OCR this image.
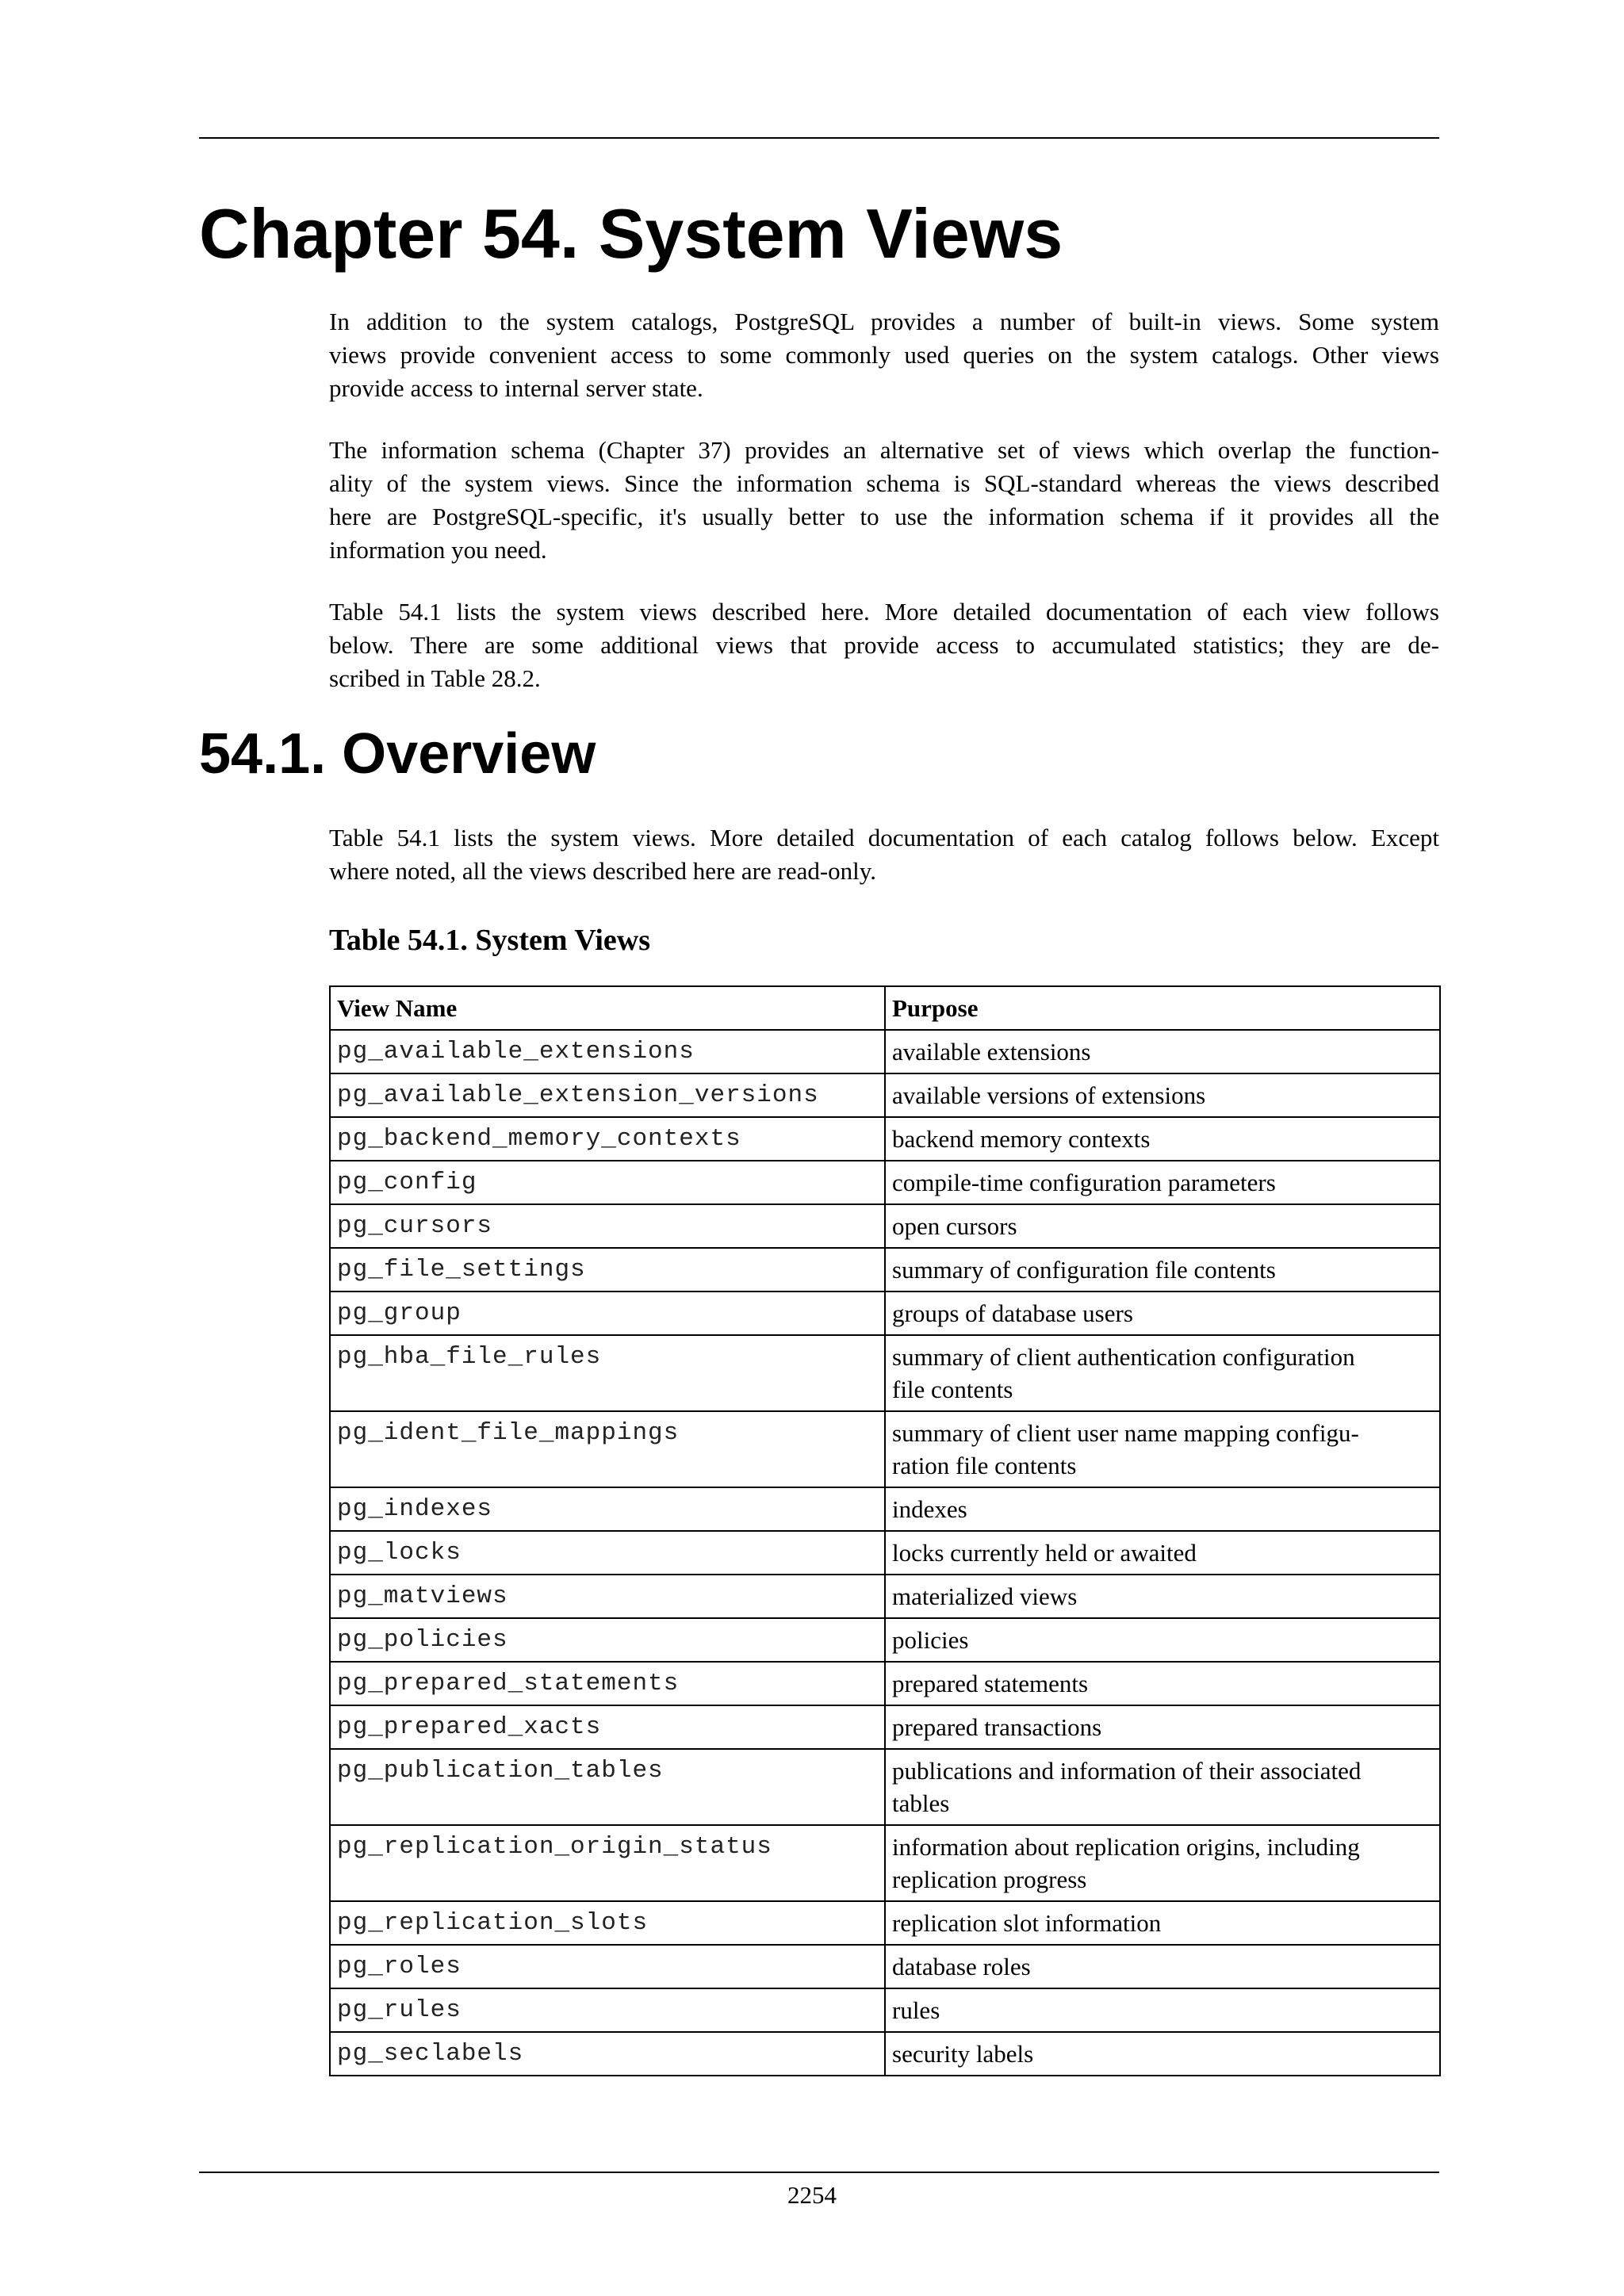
Chapter 54. System Views

In addition to the system catalogs, PostgreSQL provides a number of built-in views. Some system
views provide convenient access to some commonly used queries on the system catalogs. Other views
provide access to internal server state.

The information schema (Chapter 37) provides an alternative set of views which overlap the function-
ality of the system views. Since the information schema is SQL-standard whereas the views described
here are PostgreSQL-specific, it's usually better to use the information schema if it provides all the
information you need.

Table 54.1 lists the system views described here. More detailed documentation of each view follows
below. There are some additional views that provide access to accumulated statistics; they are de-
scribed in Table 28.2.

54.1. Overview

Table 54.1 lists the system views. More detailed documentation of each catalog follows below. Except
where noted, all the views described here are read-only.

Table 54.1. System Views
View Name	Purpose
pg_available_extensions	available extensions

pg_available_extension_versions	available versions of extensions

pg_backend_memory_contexts	backend memory contexts

pg_config	compile-time configuration parameters

pg_cursors	open cursors

pg_file_settings	summary of configuration file contents

pg_group	groups of database users

pg_hba_file_rules	summary of client authentication configuration
file contents

pg_ident_file_mappings	summary of client user name mapping configu-
ration file contents

pg_indexes	indexes

pg_locks	locks currently held or awaited

pg_matviews	materialized views

pg_policies	policies

pg_prepared_statements	prepared statements

pg_prepared_xacts	prepared transactions

pg_publication_tables	publications and information of their associated
tables

pg_replication_origin_status	information about replication origins, including
replication progress

pg_replication_slots	replication slot information

pg_roles	database roles

pg_rules	rules

pg_seclabels	security labels

2254
